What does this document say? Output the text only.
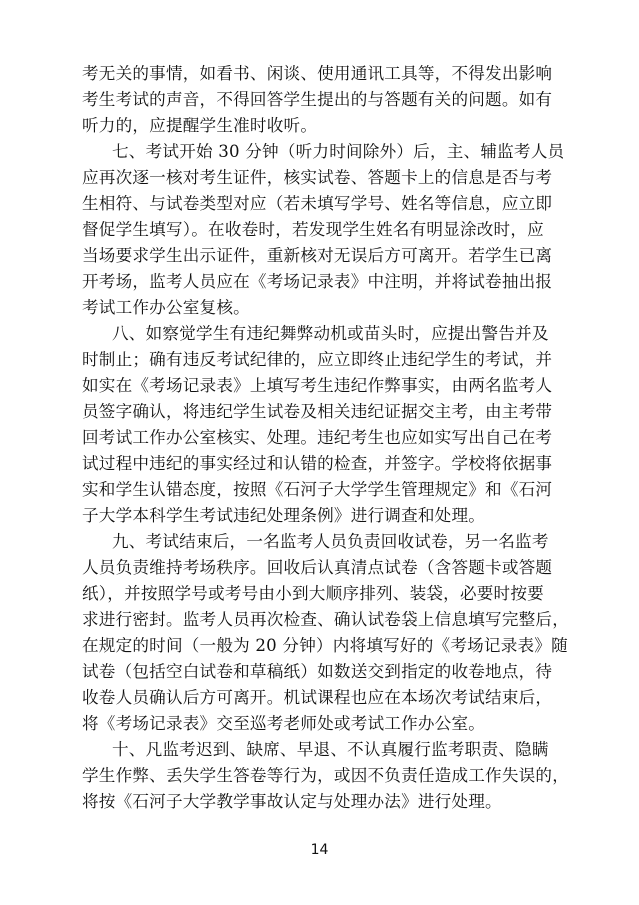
考无关的事情，如看书、闲谈、使用通讯工具等，不得发出影响
考生考试的声音，不得回答学生提出的与答题有关的问题。如有
听力的，应提醒学生准时收听。
七、考试开始 30 分钟（听力时间除外）后，主、辅监考人员
应再次逐一核对考生证件，核实试卷、答题卡上的信息是否与考
生相符、与试卷类型对应（若未填写学号、姓名等信息，应立即
督促学生填写）。在收卷时，若发现学生姓名有明显涂改时，应
当场要求学生出示证件，重新核对无误后方可离开。若学生已离
开考场，监考人员应在《考场记录表》中注明，并将试卷抽出报
考试工作办公室复核。
八、如察觉学生有违纪舞弊动机或苗头时，应提出警告并及
时制止；确有违反考试纪律的，应立即终止违纪学生的考试，并
如实在《考场记录表》上填写考生违纪作弊事实，由两名监考人
员签字确认，将违纪学生试卷及相关违纪证据交主考，由主考带
回考试工作办公室核实、处理。违纪考生也应如实写出自己在考
试过程中违纪的事实经过和认错的检查，并签字。学校将依据事
实和学生认错态度，按照《石河子大学学生管理规定》和《石河
子大学本科学生考试违纪处理条例》进行调查和处理。
九、考试结束后，一名监考人员负责回收试卷，另一名监考
人员负责维持考场秩序。回收后认真清点试卷（含答题卡或答题
纸），并按照学号或考号由小到大顺序排列、装袋，必要时按要
求进行密封。监考人员再次检查、确认试卷袋上信息填写完整后，
在规定的时间（一般为 20 分钟）内将填写好的《考场记录表》随
试卷（包括空白试卷和草稿纸）如数送交到指定的收卷地点，待
收卷人员确认后方可离开。机试课程也应在本场次考试结束后，
将《考场记录表》交至巡考老师处或考试工作办公室。
十、凡监考迟到、缺席、早退、不认真履行监考职责、隐瞒
学生作弊、丢失学生答卷等行为，或因不负责任造成工作失误的，
将按《石河子大学教学事故认定与处理办法》进行处理。
14
